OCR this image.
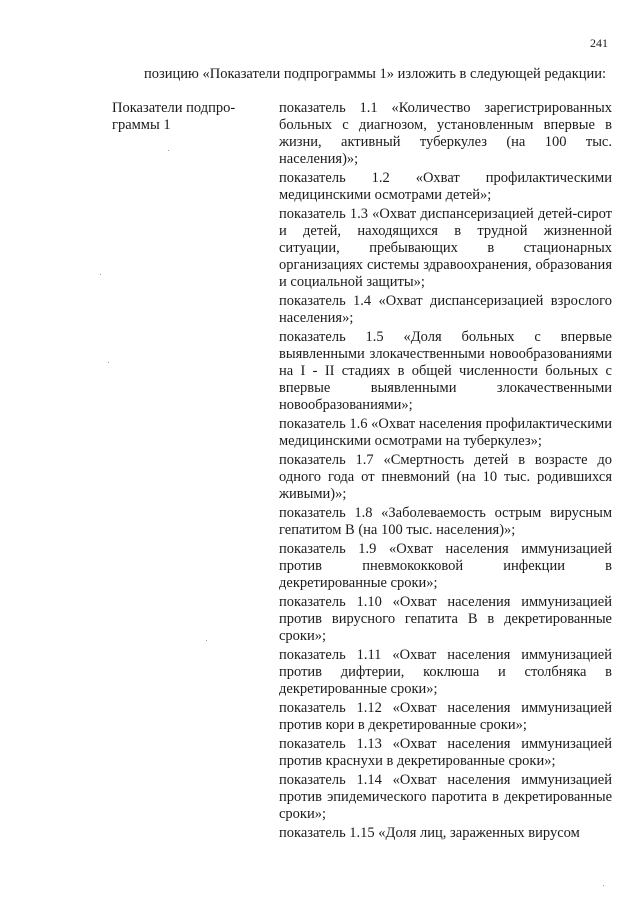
241

позицию «Показатели подпрограммы 1» изложить в следующей редакции:

Показатели подпро-граммы 1

показатель 1.1 «Количество зарегистрированных больных с диагнозом, установленным впервые в жизни, активный туберкулез (на 100 тыс. населения)»;

показатель 1.2 «Охват профилактическими медицинскими осмотрами детей»;

показатель 1.3 «Охват диспансеризацией детей-сирот и детей, находящихся в трудной жизненной ситуации, пребывающих в стационарных организациях системы здравоохранения, образования и социальной защиты»;

показатель 1.4 «Охват диспансеризацией взрослого населения»;

показатель 1.5 «Доля больных с впервые выявленными злокачественными новообразованиями на I - II стадиях в общей численности больных с впервые выявленными злокачественными новообразованиями»;

показатель 1.6 «Охват населения профилактическими медицинскими осмотрами на туберкулез»;

показатель 1.7 «Смертность детей в возрасте до одного года от пневмоний (на 10 тыс. родившихся живыми)»;

показатель 1.8 «Заболеваемость острым вирусным гепатитом В (на 100 тыс. населения)»;

показатель 1.9 «Охват населения иммунизацией против пневмококковой инфекции в декретированные сроки»;

показатель 1.10 «Охват населения иммунизацией против вирусного гепатита В в декретированные сроки»;

показатель 1.11 «Охват населения иммунизацией против дифтерии, коклюша и столбняка в декретированные сроки»;

показатель 1.12 «Охват населения иммунизацией против кори в декретированные сроки»;

показатель 1.13 «Охват населения иммунизацией против краснухи в декретированные сроки»;

показатель 1.14 «Охват населения иммунизацией против эпидемического паротита в декретированные сроки»;

показатель 1.15 «Доля лиц, зараженных вирусом
